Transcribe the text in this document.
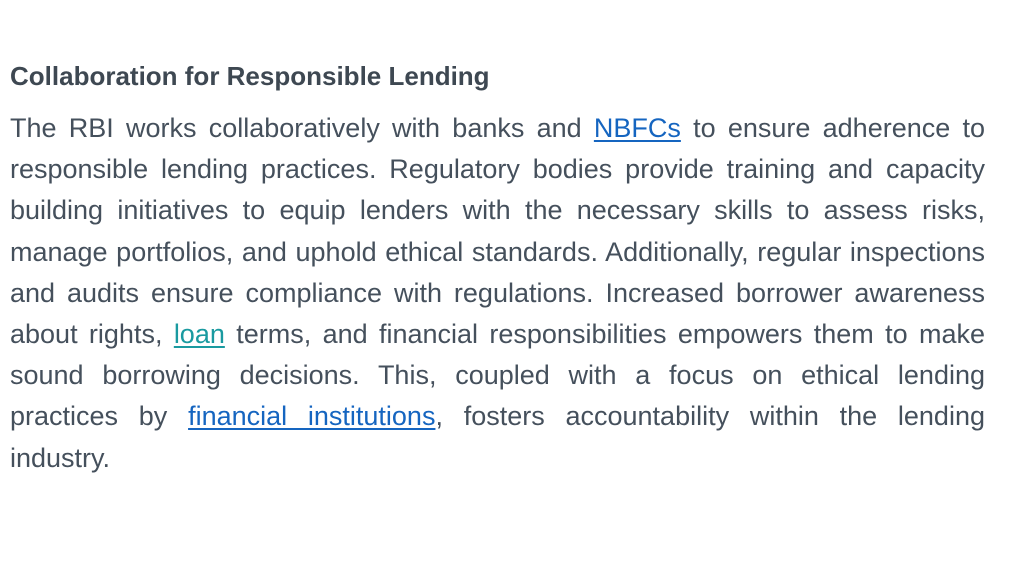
Collaboration for Responsible Lending

The RBI works collaboratively with banks and NBFCs to ensure adherence to responsible lending practices. Regulatory bodies provide training and capacity building initiatives to equip lenders with the necessary skills to assess risks, manage portfolios, and uphold ethical standards. Additionally, regular inspections and audits ensure compliance with regulations. Increased borrower awareness about rights, loan terms, and financial responsibilities empowers them to make sound borrowing decisions. This, coupled with a focus on ethical lending practices by financial institutions, fosters accountability within the lending industry.
